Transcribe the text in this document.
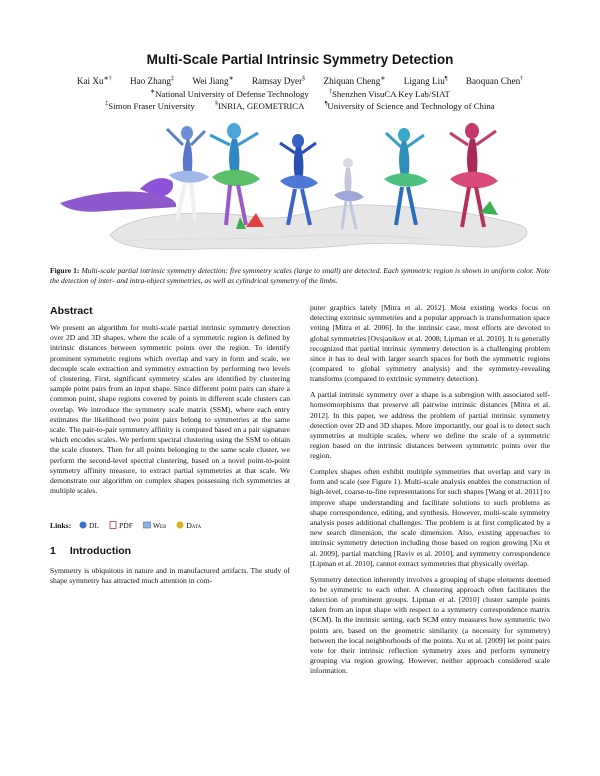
Multi-Scale Partial Intrinsic Symmetry Detection
Kai Xu∗† Hao Zhang‡ Wei Jiang∗ Ramsay Dyer§ Zhiquan Cheng∗ Ligang Liu¶ Baoquan Chen†
∗National University of Defense Technology	†Shenzhen VisuCA Key Lab/SIAT
‡Simon Fraser University	§INRIA, GEOMETRICA	¶University of Science and Technology of China
Figure 1: Multi-scale partial intrinsic symmetry detection: five symmetry scales (large to small) are detected. Each symmetric region is shown in uniform color. Note the detection of inter- and intra-object symmetries, as well as cylindrical symmetry of the limbs.
Abstract

We present an algorithm for multi-scale partial intrinsic symmetry detection over 2D and 3D shapes, where the scale of a symmetric region is defined by intrinsic distances between symmetric points over the region. To identify prominent symmetric regions which overlap and vary in form and scale, we decouple scale extraction and symmetry extraction by performing two levels of clustering. First, significant symmetry scales are identified by clustering sample point pairs from an input shape. Since different point pairs can share a common point, shape regions covered by points in different scale clusters can overlap. We introduce the symmetry scale matrix (SSM), where each entry estimates the likelihood two point pairs belong to symmetries at the same scale. The pair-to-pair symmetry affinity is computed based on a pair signature which encodes scales. We perform spectral clustering using the SSM to obtain the scale clusters. Then for all points belonging to the same scale cluster, we perform the second-level spectral clustering, based on a novel point-to-point symmetry affinity measure, to extract partial symmetries at that scale. We demonstrate our algorithm on complex shapes possessing rich symmetries at multiple scales.

Links: DL	PDF	Web	Data
1 Introduction

Symmetry is ubiquitous in nature and in manufactured artifacts. The study of shape symmetry has attracted much attention in com-

puter graphics lately [Mitra et al. 2012]. Most existing works focus on detecting extrinsic symmetries and a popular approach is transformation space voting [Mitra et al. 2006]. In the intrinsic case, most efforts are devoted to global symmetries [Ovsjanikov et al. 2008; Lipman et al. 2010]. It is generally recognized that partial intrinsic symmetry detection is a challenging problem since it has to deal with larger search spaces for both the symmetric regions (compared to global symmetry analysis) and the symmetry-revealing transforms (compared to extrinsic symmetry detection).

A partial intrinsic symmetry over a shape is a subregion with associated self-homeomorphisms that preserve all pairwise intrinsic distances [Mitra et al. 2012]. In this paper, we address the problem of partial intrinsic symmetry detection over 2D and 3D shapes. More importantly, our goal is to detect such symmetries at multiple scales, where we define the scale of a symmetric region based on the intrinsic distances between symmetric points over the region.

Complex shapes often exhibit multiple symmetries that overlap and vary in form and scale (see Figure 1). Multi-scale analysis enables the construction of high-level, coarse-to-fine representations for such shapes [Wang et al. 2011] to improve shape understanding and facilitate solutions to such problems as shape correspondence, editing, and synthesis. However, multi-scale symmetry analysis poses additional challenges. The problem is at first complicated by a new search dimension, the scale dimension. Also, existing approaches to intrinsic symmetry detection including those based on region growing [Xu et al. 2009], partial matching [Raviv et al. 2010], and symmetry correspondence [Lipman et al. 2010], cannot extract symmetries that physically overlap.

Symmetry detection inherently involves a grouping of shape elements deemed to be symmetric to each other. A clustering approach often facilitates the detection of prominent groups. Lipman et al. [2010] cluster sample points taken from an input shape with respect to a symmetry correspondence matrix (SCM). In the intrinsic setting, each SCM entry measures how symmetric two points are, based on the geometric similarity (a necessity for symmetry) between the local neighborhoods of the points. Xu et al. [2009] let point pairs vote for their intrinsic reflection symmetry axes and perform symmetry grouping via region growing. However, neither approach considered scale information.
